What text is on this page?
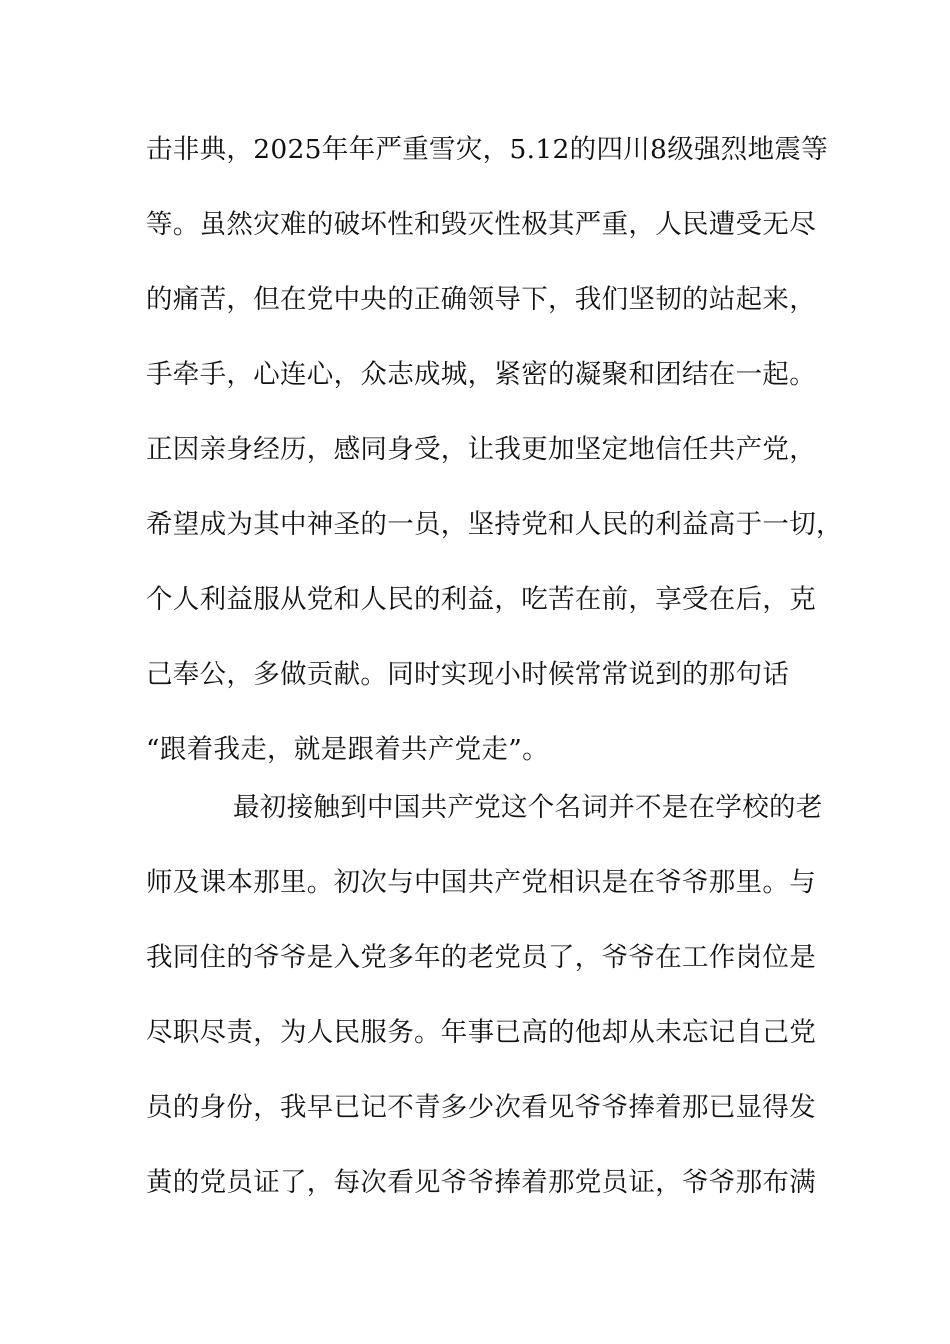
击非典，2025年年严重雪灾，5.12的四川8级强烈地震等
等。虽然灾难的破坏性和毁灭性极其严重，人民遭受无尽
的痛苦，但在党中央的正确领导下，我们坚韧的站起来，
手牵手，心连心，众志成城，紧密的凝聚和团结在一起。
正因亲身经历，感同身受，让我更加坚定地信任共产党，
希望成为其中神圣的一员，坚持党和人民的利益高于一切，
个人利益服从党和人民的利益，吃苦在前，享受在后，克
己奉公，多做贡献。同时实现小时候常常说到的那句话
“跟着我走，就是跟着共产党走”。
最初接触到中国共产党这个名词并不是在学校的老
师及课本那里。初次与中国共产党相识是在爷爷那里。与
我同住的爷爷是入党多年的老党员了，爷爷在工作岗位是
尽职尽责，为人民服务。年事已高的他却从未忘记自己党
员的身份，我早已记不青多少次看见爷爷捧着那已显得发
黄的党员证了，每次看见爷爷捧着那党员证，爷爷那布满
